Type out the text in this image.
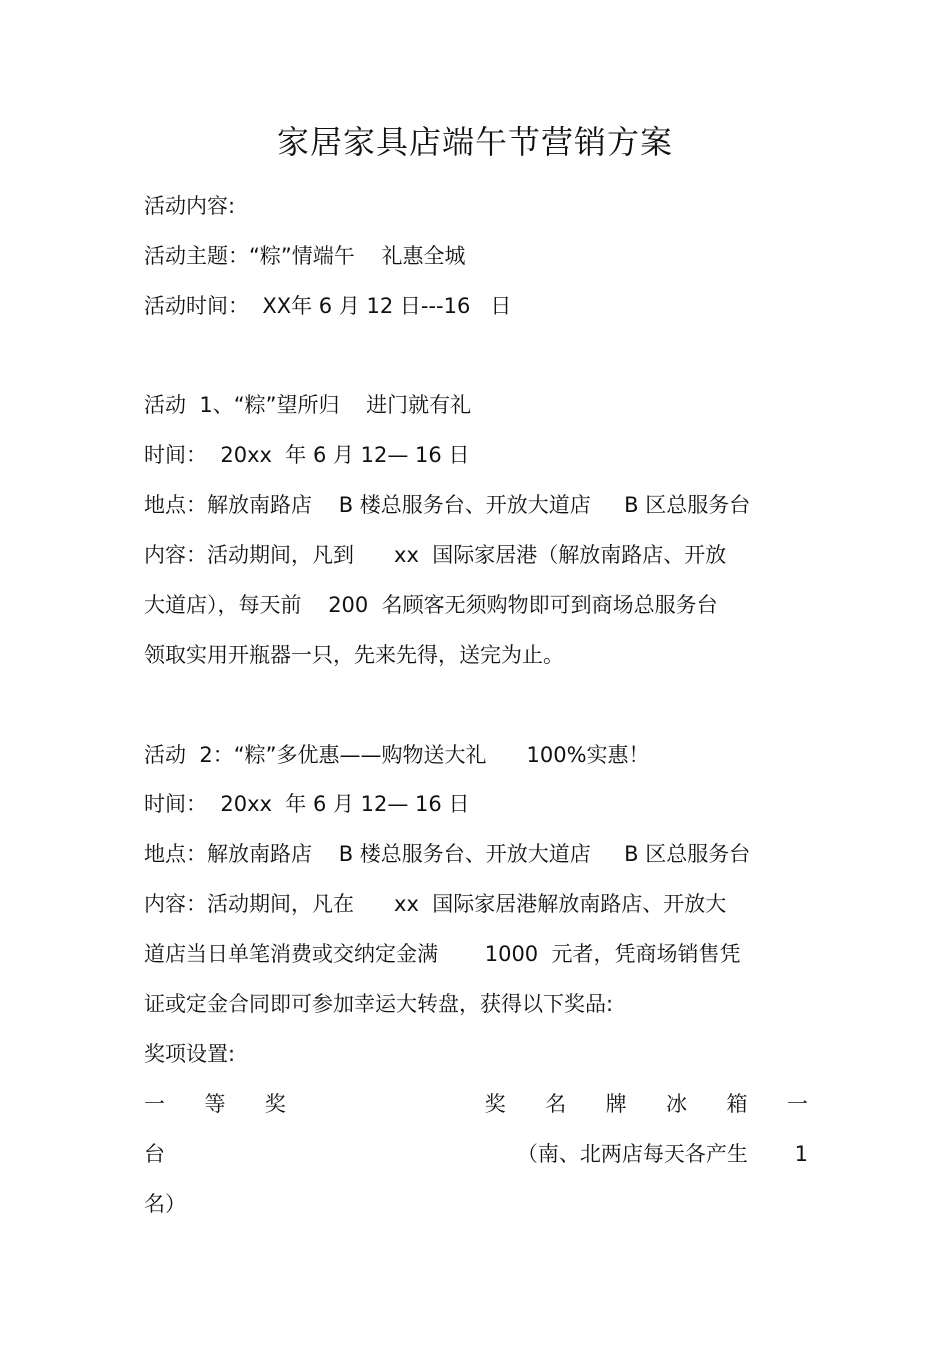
家居家具店端午节营销方案
活动内容:
活动主题：“粽”情端午    礼惠全城
活动时间：  XX年 6 月 12 日---16   日
活动  1、“粽”望所归    进门就有礼
时间：  20xx  年 6 月 12— 16 日
地点：解放南路店    B 楼总服务台、开放大道店     B 区总服务台
内容：活动期间，凡到      xx  国际家居港（解放南路店、开放
大道店），每天前    200  名顾客无须购物即可到商场总服务台
领取实用开瓶器一只，先来先得，送完为止。
活动  2：“粽”多优惠——购物送大礼      100%实惠！
时间：  20xx  年 6 月 12— 16 日
地点：解放南路店    B 楼总服务台、开放大道店     B 区总服务台
内容：活动期间，凡在      xx  国际家居港解放南路店、开放大
道店当日单笔消费或交纳定金满       1000  元者，凭商场销售凭
证或定金合同即可参加幸运大转盘，获得以下奖品:
奖项设置:
一 等 奖	奖 名 牌 冰 箱 一
台	（南、北两店每天各产生       1
名）
